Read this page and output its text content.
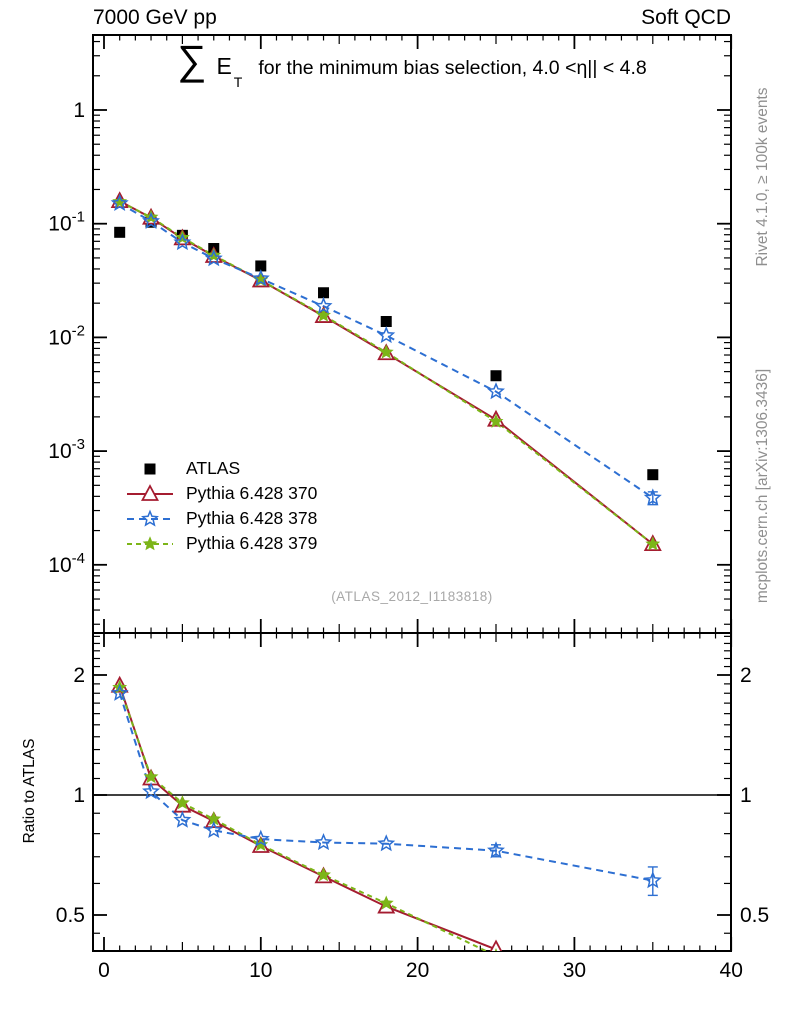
0	10	20	30	40
1
$10^{-1}$
$10^{-2}$
$10^{-3}$
$10^{-4}$
2	2
1	1
0.5	0.5
7000 GeV pp	Soft QCD
∑ E
T
for the minimum bias selection, 4.0 <η|| < 4.8
ATLAS
Pythia 6.428 370
Pythia 6.428 378
Pythia 6.428 379
(ATLAS_2012_I1183818)
Rivet 4.1.0, ≥ 100k events
mcplots.cern.ch [arXiv:1306.3436]
Ratio to ATLAS
